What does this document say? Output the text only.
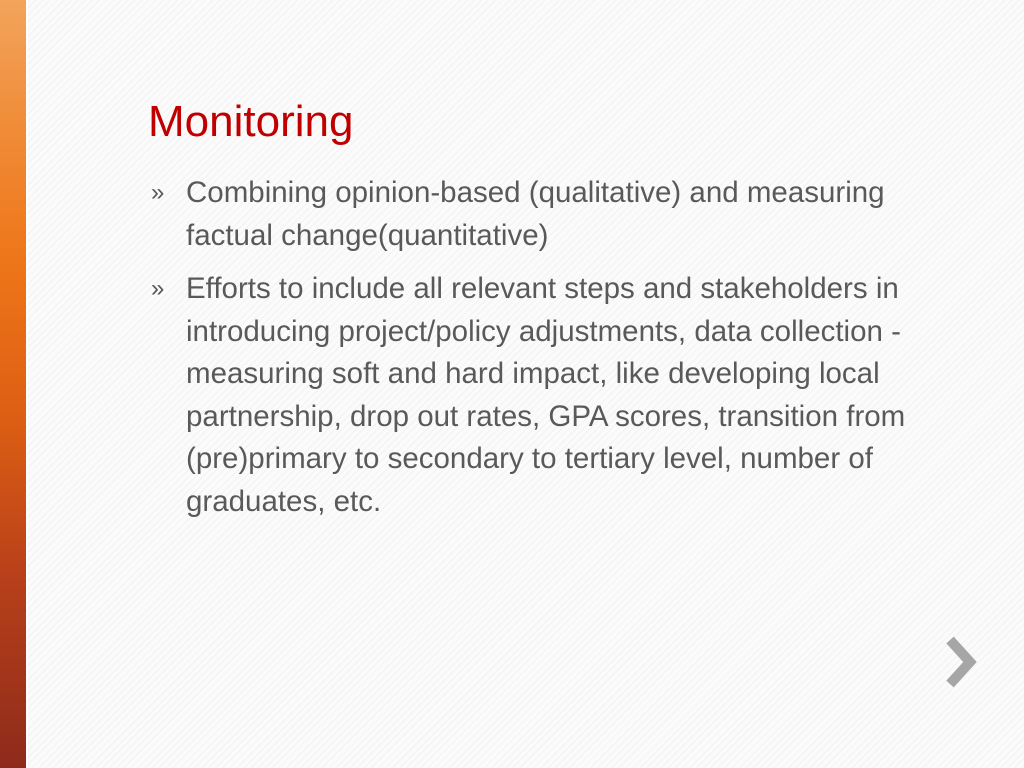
Monitoring
» Combining opinion-based (qualitative) and measuring factual change(quantitative)
» Efforts to include all relevant steps and stakeholders in introducing project/policy adjustments, data collection - measuring soft and hard impact, like developing local partnership, drop out rates, GPA scores, transition from (pre)primary to secondary to tertiary level, number of graduates, etc.
